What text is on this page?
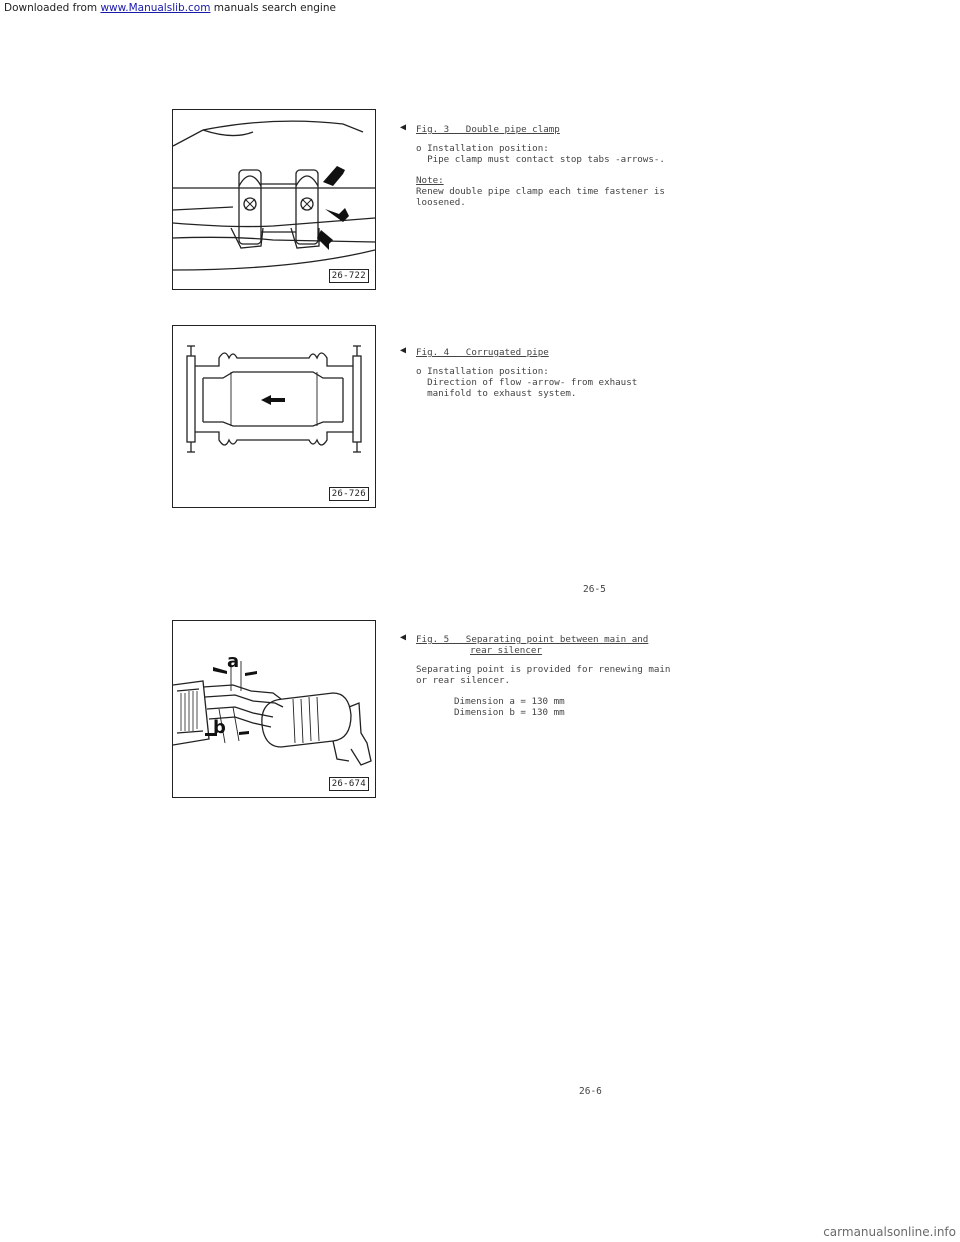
Downloaded from www.Manualslib.com manuals search engine
26-722
◀ Fig. 3   Double pipe clamp
o Installation position:
Pipe clamp must contact stop tabs -arrows-.
Note:
Renew double pipe clamp each time fastener is
loosened.
26-726
◀ Fig. 4   Corrugated pipe
o Installation position:
Direction of flow -arrow- from exhaust
manifold to exhaust system.
26-5
a
b
26-674
◀ Fig. 5   Separating point between main and
rear silencer
Separating point is provided for renewing main
or rear silencer.
Dimension a = 130 mm
Dimension b = 130 mm
26-6
carmanualsonline.info
